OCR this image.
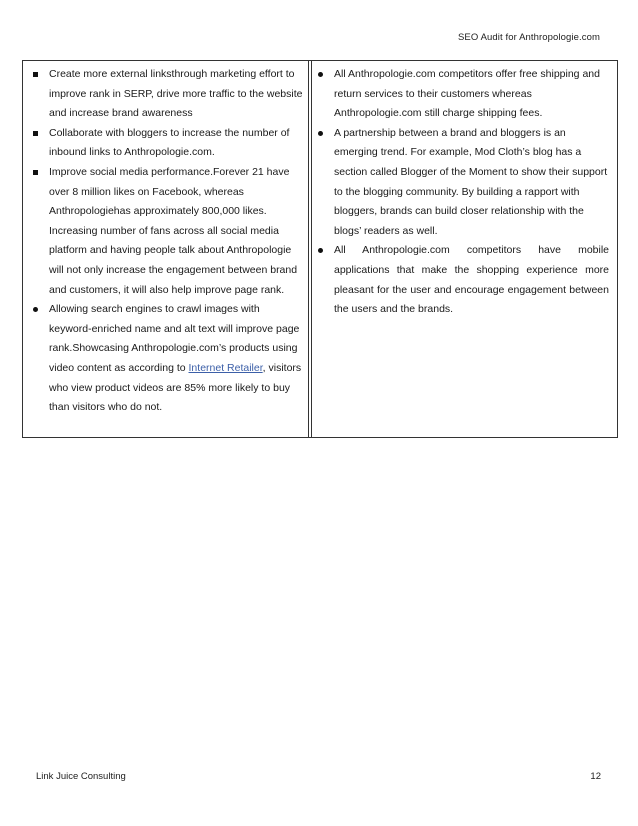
SEO Audit for Anthropologie.com
Create more external linksthrough marketing effort to improve rank in SERP, drive more traffic to the website and increase brand awareness
Collaborate with bloggers to increase the number of inbound links to Anthropologie.com.
Improve social media performance.Forever 21 have over 8 million likes on Facebook, whereas Anthropologiehas approximately 800,000 likes. Increasing number of fans across all social media platform and having people talk about Anthropologie will not only increase the engagement between brand and customers, it will also help improve page rank.
Allowing search engines to crawl images with keyword-enriched name and alt text will improve page rank.Showcasing Anthropologie.com’s products using video content as according to Internet Retailer, visitors who view product videos are 85% more likely to buy than visitors who do not.
All Anthropologie.com competitors offer free shipping and return services to their customers whereas Anthropologie.com still charge shipping fees.
A partnership between a brand and bloggers is an emerging trend. For example, Mod Cloth’s blog has a section called Blogger of the Moment to show their support to the blogging community. By building a rapport with bloggers, brands can build closer relationship with the blogs’ readers as well.
All Anthropologie.com competitors have mobile applications that make the shopping experience more pleasant for the user and encourage engagement between the users and the brands.
Link Juice Consulting	12
